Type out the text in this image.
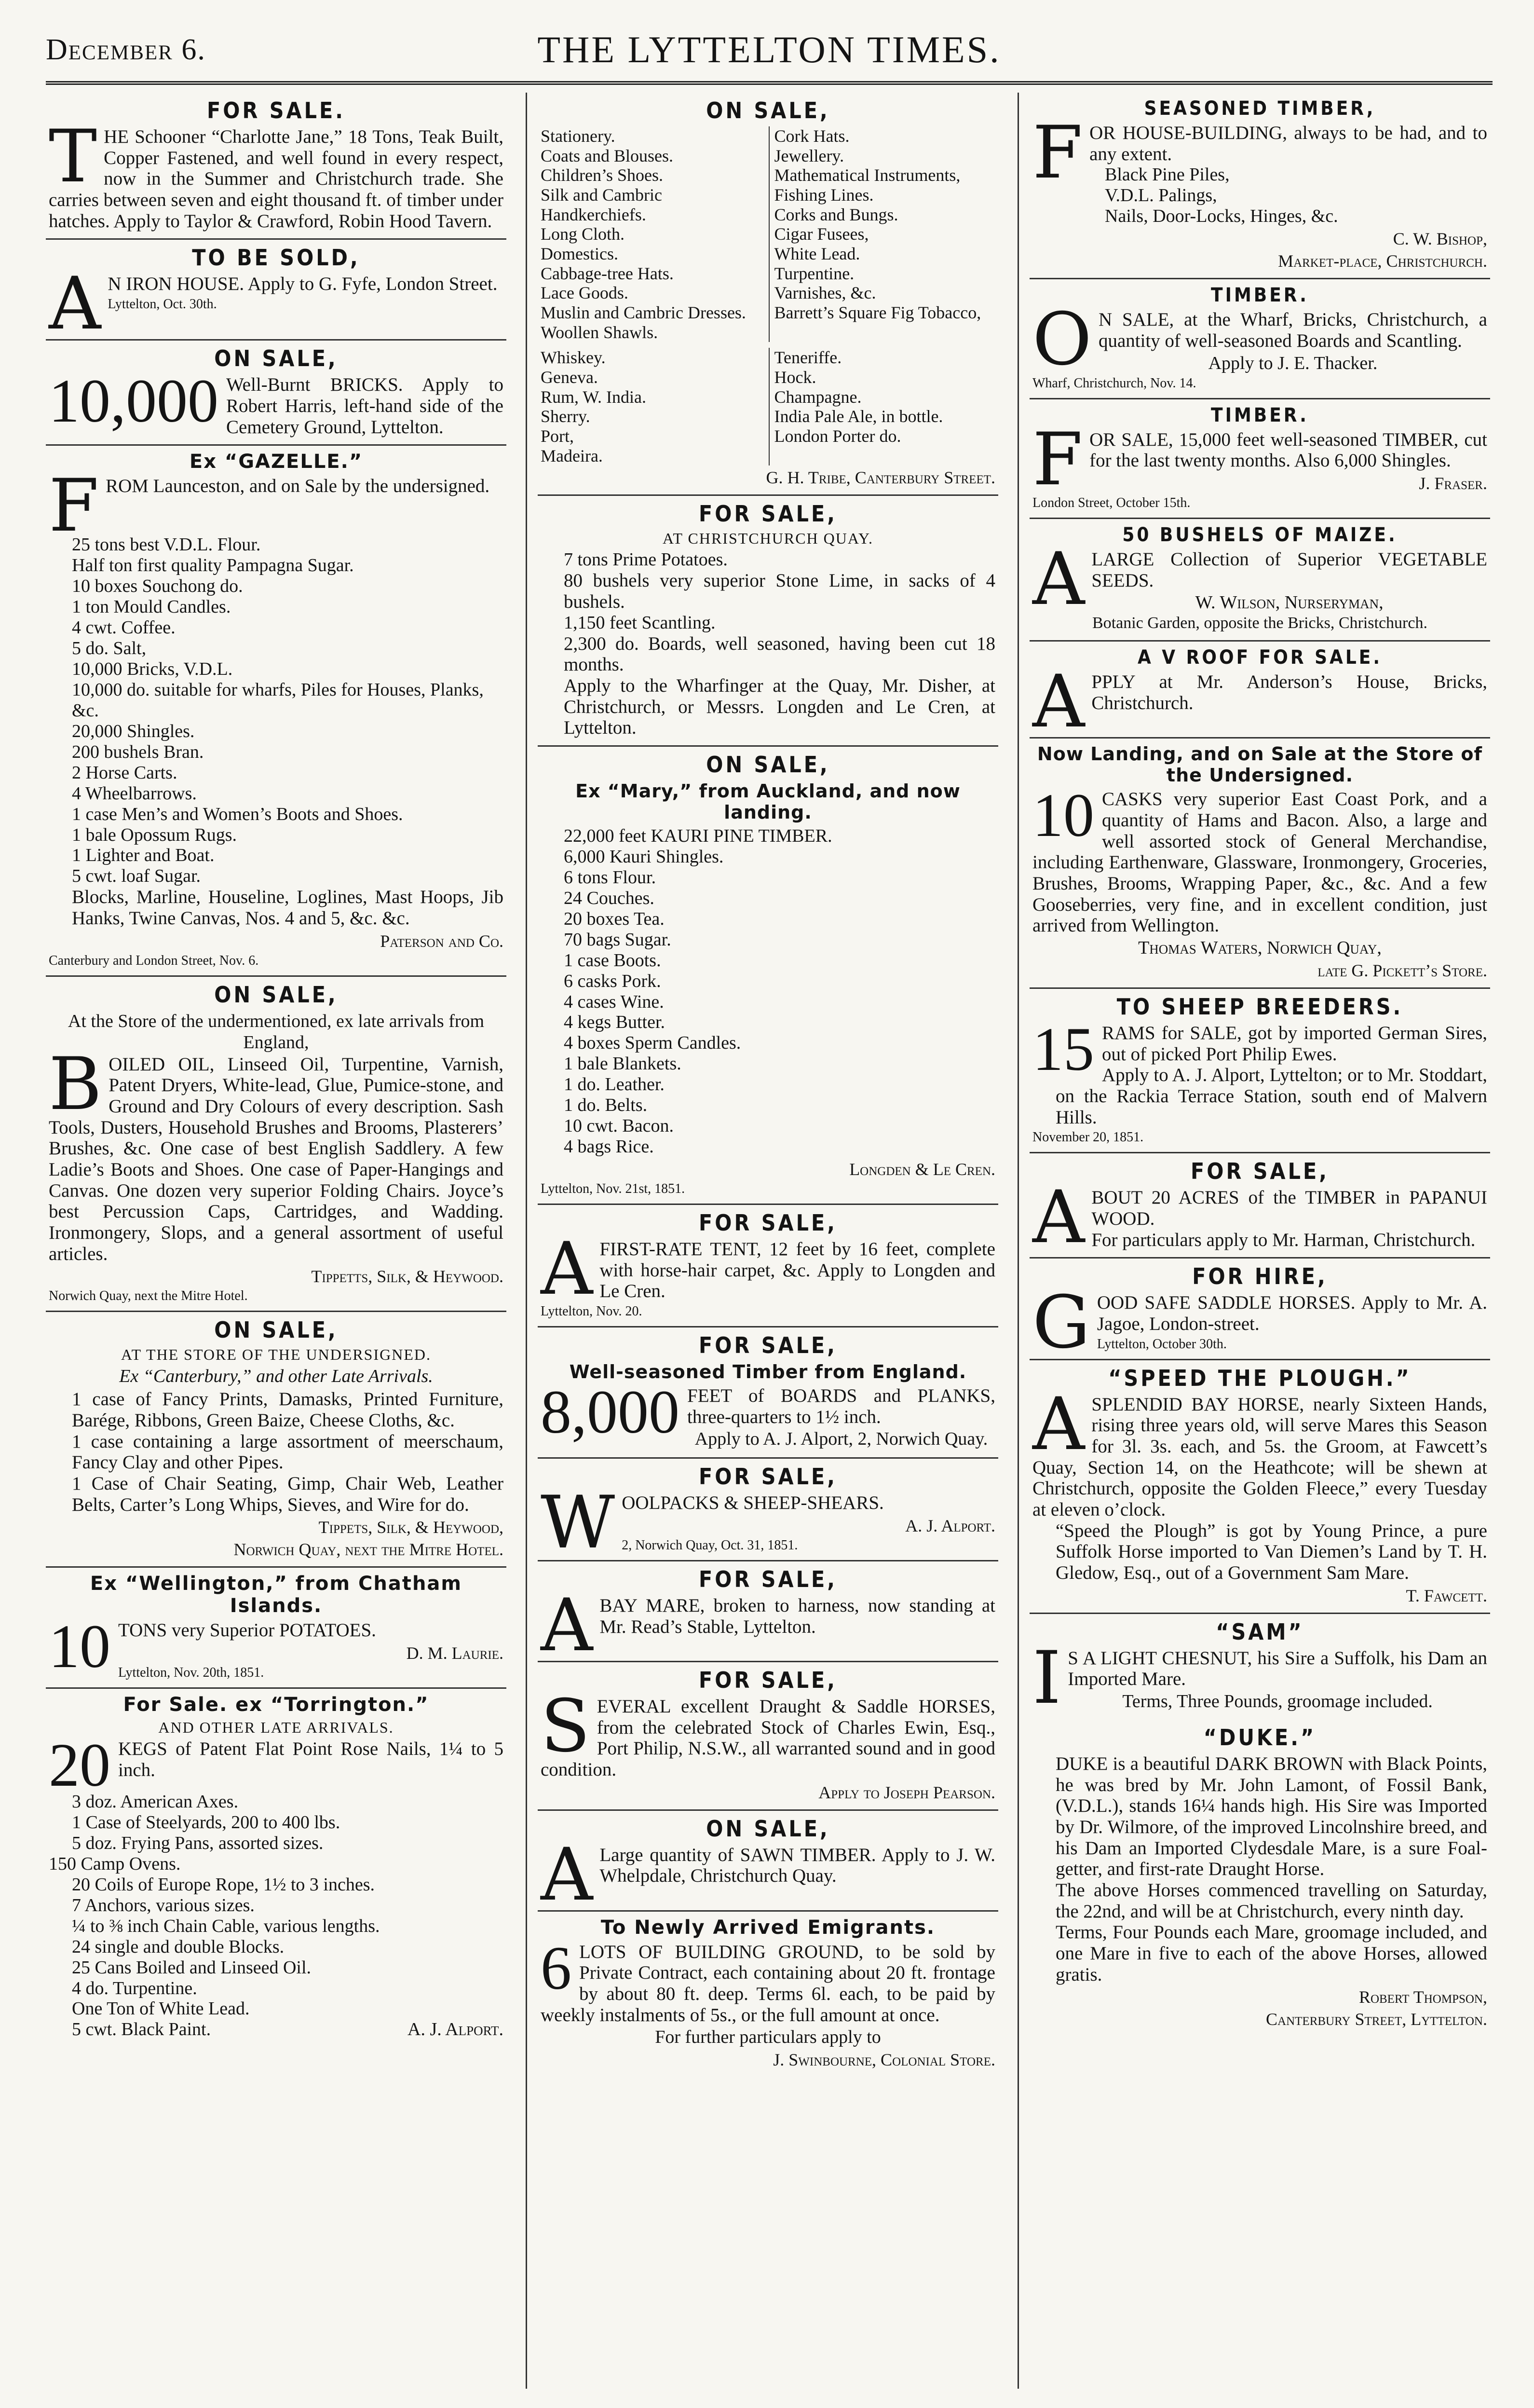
December 6.	THE LYTTELTON TIMES.
FOR SALE.
T HE Schooner “Charlotte Jane,” 18 Tons, Teak Built, Copper Fastened, and well found in every respect, now in the Summer and Christchurch trade. She carries between seven and eight thousand ft. of timber under hatches. Apply to Taylor & Crawford, Robin Hood Tavern.

TO BE SOLD,
A N IRON HOUSE. Apply to G. Fyfe, London Street.

Lyttelton, Oct. 30th.
ON SALE,
10,000 Well-Burnt BRICKS. Apply to Robert Harris, left-hand side of the Cemetery Ground, Lyttelton.

Ex “GAZELLE.”
F ROM Launceston, and on Sale by the undersigned.

25 tons best V.D.L. Flour.
Half ton first quality Pampagna Sugar.
10 boxes Souchong do.
1 ton Mould Candles.
4 cwt. Coffee.
5 do. Salt,
10,000 Bricks, V.D.L.
10,000 do. suitable for wharfs, Piles for Houses, Planks, &c.
20,000 Shingles.
200 bushels Bran.
2 Horse Carts.
4 Wheelbarrows.
1 case Men’s and Women’s Boots and Shoes.
1 bale Opossum Rugs.
1 Lighter and Boat.
5 cwt. loaf Sugar.

Blocks, Marline, Houseline, Loglines, Mast Hoops, Jib Hanks, Twine Canvas, Nos. 4 and 5, &c. &c.

Paterson and Co.
Canterbury and London Street, Nov. 6.
ON SALE,
At the Store of the undermentioned, ex late arrivals from England,
B OILED OIL, Linseed Oil, Turpentine, Varnish, Patent Dryers, White-lead, Glue, Pumice-stone, and Ground and Dry Colours of every description. Sash Tools, Dusters, Household Brushes and Brooms, Plasterers’ Brushes, &c. One case of best English Saddlery. A few Ladie’s Boots and Shoes. One case of Paper-Hangings and Canvas. One dozen very superior Folding Chairs. Joyce’s best Percussion Caps, Cartridges, and Wadding. Ironmongery, Slops, and a general assortment of useful articles.

Tippetts, Silk, & Heywood.
Norwich Quay, next the Mitre Hotel.
ON SALE,
AT THE STORE OF THE UNDERSIGNED.
Ex “Canterbury,” and other Late Arrivals.

1 case of Fancy Prints, Damasks, Printed Furniture, Barége, Ribbons, Green Baize, Cheese Cloths, &c.

1 case containing a large assortment of meerschaum, Fancy Clay and other Pipes.

1 Case of Chair Seating, Gimp, Chair Web, Leather Belts, Carter’s Long Whips, Sieves, and Wire for do.

Tippets, Silk, & Heywood,
Norwich Quay, next the Mitre Hotel.
Ex “Wellington,” from Chatham Islands.
10 TONS very Superior POTATOES.

D. M. Laurie.
Lyttelton, Nov. 20th, 1851.
For Sale. ex “Torrington.”
AND OTHER LATE ARRIVALS.
20 KEGS of Patent Flat Point Rose Nails, 1¼ to 5 inch.

3 doz. American Axes.
1 Case of Steelyards, 200 to 400 lbs.
5 doz. Frying Pans, assorted sizes.
150 Camp Ovens.
20 Coils of Europe Rope, 1½ to 3 inches.
7 Anchors, various sizes.
¼ to ⅜ inch Chain Cable, various lengths.
24 single and double Blocks.
25 Cans Boiled and Linseed Oil.
4 do. Turpentine.
One Ton of White Lead.
5 cwt. Black Paint.	A. J. Alport.
ON SALE,
Stationery.
Coats and Blouses.
Children’s Shoes.
Silk and Cambric Handkerchiefs.
Long Cloth.
Domestics.
Cabbage-tree Hats.
Lace Goods.
Muslin and Cambric Dresses.
Woollen Shawls.
Cork Hats.
Jewellery.
Mathematical Instruments,
Fishing Lines.
Corks and Bungs.
Cigar Fusees,
White Lead.
Turpentine.
Varnishes, &c.
Barrett’s Square Fig Tobacco,
Whiskey.
Geneva.
Rum, W. India.
Sherry.
Port,
Madeira.
Teneriffe.
Hock.
Champagne.
India Pale Ale, in bottle.
London Porter do.
G. H. Tribe, Canterbury Street.
FOR SALE,
AT CHRISTCHURCH QUAY.
7 tons Prime Potatoes.

80 bushels very superior Stone Lime, in sacks of 4 bushels.

1,150 feet Scantling.

2,300 do. Boards, well seasoned, having been cut 18 months.

Apply to the Wharfinger at the Quay, Mr. Disher, at Christchurch, or Messrs. Longden and Le Cren, at Lyttelton.

ON SALE,
Ex “Mary,” from Auckland, and now landing.
22,000 feet KAURI PINE TIMBER.
6,000 Kauri Shingles.
6 tons Flour.
24 Couches.
20 boxes Tea.
70 bags Sugar.
1 case Boots.
6 casks Pork.
4 cases Wine.
4 kegs Butter.
4 boxes Sperm Candles.
1 bale Blankets.
1 do. Leather.
1 do. Belts.
10 cwt. Bacon.
4 bags Rice.
Longden & Le Cren.
Lyttelton, Nov. 21st, 1851.
FOR SALE,
A FIRST-RATE TENT, 12 feet by 16 feet, complete with horse-hair carpet, &c. Apply to Longden and Le Cren.

Lyttelton, Nov. 20.
FOR SALE,
Well-seasoned Timber from England.
8,000 FEET of BOARDS and PLANKS, three-quarters to 1½ inch.

Apply to A. J. Alport, 2, Norwich Quay.
FOR SALE,
W OOLPACKS & SHEEP-SHEARS.

A. J. Alport.
2, Norwich Quay, Oct. 31, 1851.
FOR SALE,
A BAY MARE, broken to harness, now standing at Mr. Read’s Stable, Lyttelton.

FOR SALE,
S EVERAL excellent Draught & Saddle HORSES, from the celebrated Stock of Charles Ewin, Esq., Port Philip, N.S.W., all warranted sound and in good condition.

Apply to Joseph Pearson.
ON SALE,
A Large quantity of SAWN TIMBER. Apply to J. W. Whelpdale, Christchurch Quay.

To Newly Arrived Emigrants.
6 LOTS OF BUILDING GROUND, to be sold by Private Contract, each containing about 20 ft. frontage by about 80 ft. deep. Terms 6l. each, to be paid by weekly instalments of 5s., or the full amount at once.

For further particulars apply to
J. Swinbourne, Colonial Store.
SEASONED TIMBER,
F OR HOUSE-BUILDING, always to be had, and to any extent.

Black Pine Piles,
V.D.L. Palings,
Nails, Door-Locks, Hinges, &c.
C. W. Bishop,
Market-place, Christchurch.
TIMBER.
O N SALE, at the Wharf, Bricks, Christchurch, a quantity of well-seasoned Boards and Scantling.

Apply to J. E. Thacker.
Wharf, Christchurch, Nov. 14.
TIMBER.
F OR SALE, 15,000 feet well-seasoned TIMBER, cut for the last twenty months. Also 6,000 Shingles.

J. Fraser.
London Street, October 15th.
50 BUSHELS OF MAIZE.
A LARGE Collection of Superior VEGETABLE SEEDS.

W. Wilson, Nurseryman,
Botanic Garden, opposite the Bricks, Christchurch.
A V ROOF FOR SALE.
A PPLY at Mr. Anderson’s House, Bricks, Christchurch.

Now Landing, and on Sale at the Store of the Undersigned.
10 CASKS very superior East Coast Pork, and a quantity of Hams and Bacon. Also, a large and well assorted stock of General Merchandise, including Earthenware, Glassware, Ironmongery, Groceries, Brushes, Brooms, Wrapping Paper, &c., &c. And a few Gooseberries, very fine, and in excellent condition, just arrived from Wellington.

Thomas Waters, Norwich Quay,
late G. Pickett’s Store.
TO SHEEP BREEDERS.
15 RAMS for SALE, got by imported German Sires, out of picked Port Philip Ewes.

Apply to A. J. Alport, Lyttelton; or to Mr. Stoddart, on the Rackia Terrace Station, south end of Malvern Hills.

November 20, 1851.
FOR SALE,
A BOUT 20 ACRES of the TIMBER in PAPANUI WOOD.

For particulars apply to Mr. Harman, Christchurch.

FOR HIRE,
G OOD SAFE SADDLE HORSES. Apply to Mr. A. Jagoe, London-street.

Lyttelton, October 30th.
“SPEED THE PLOUGH.”
A SPLENDID BAY HORSE, nearly Sixteen Hands, rising three years old, will serve Mares this Season for 3l. 3s. each, and 5s. the Groom, at Fawcett’s Quay, Section 14, on the Heathcote; will be shewn at Christchurch, opposite the Golden Fleece,” every Tuesday at eleven o’clock.

“Speed the Plough” is got by Young Prince, a pure Suffolk Horse imported to Van Diemen’s Land by T. H. Gledow, Esq., out of a Government Sam Mare.

T. Fawcett.
“SAM”
I S A LIGHT CHESNUT, his Sire a Suffolk, his Dam an Imported Mare.

Terms, Three Pounds, groomage included.
“DUKE.”

DUKE is a beautiful DARK BROWN with Black Points, he was bred by Mr. John Lamont, of Fossil Bank, (V.D.L.), stands 16¼ hands high. His Sire was Imported by Dr. Wilmore, of the improved Lincolnshire breed, and his Dam an Imported Clydesdale Mare, is a sure Foal-getter, and first-rate Draught Horse.

The above Horses commenced travelling on Saturday, the 22nd, and will be at Christchurch, every ninth day.

Terms, Four Pounds each Mare, groomage included, and one Mare in five to each of the above Horses, allowed gratis.

Robert Thompson,
Canterbury Street, Lyttelton.
